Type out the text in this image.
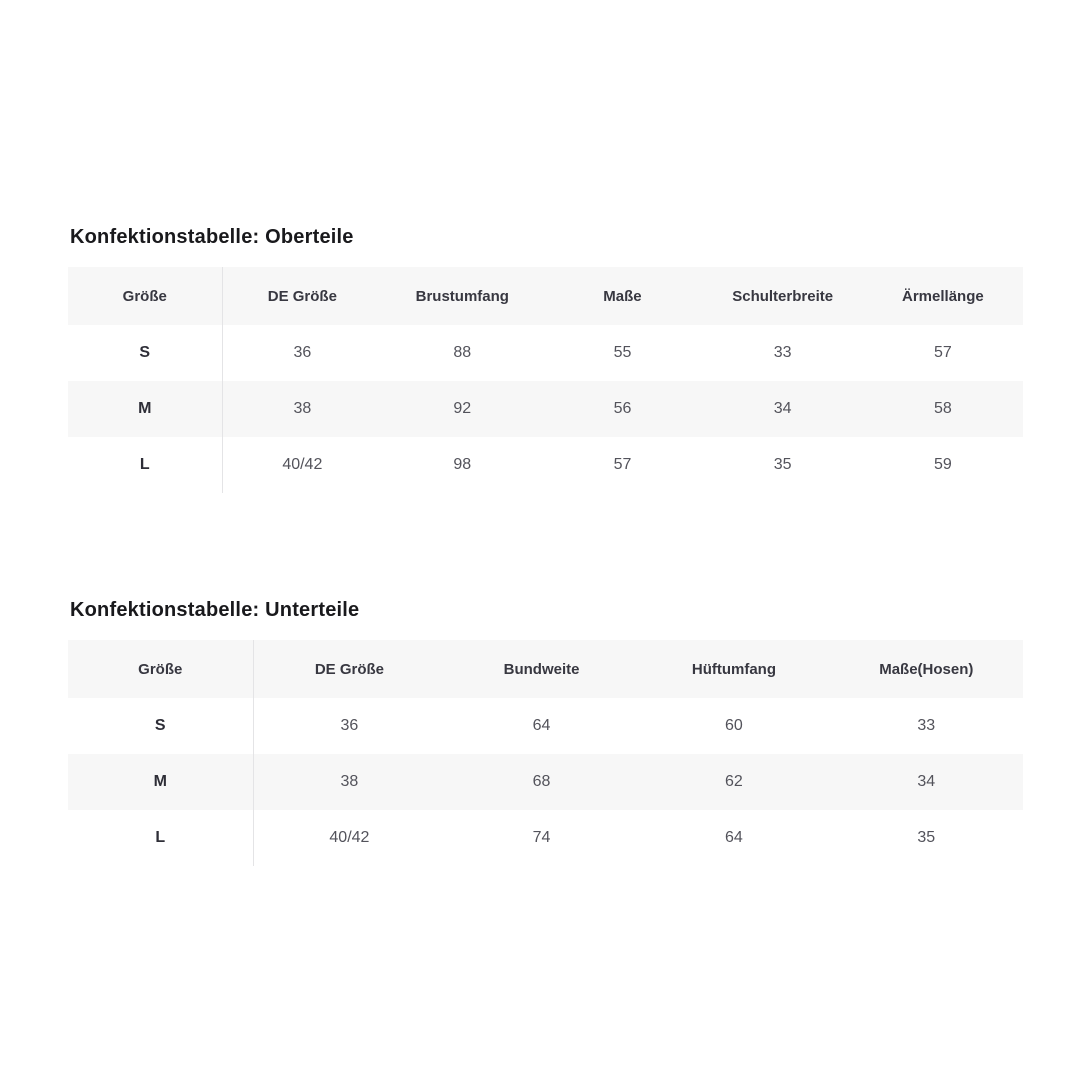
Konfektionstabelle: Oberteile
Größe	DE Größe	Brustumfang	Maße	Schulterbreite	Ärmellänge
S	36	88	55	33	57
M	38	92	56	34	58
L	40/42	98	57	35	59
Konfektionstabelle: Unterteile
Größe	DE Größe	Bundweite	Hüftumfang	Maße(Hosen)
S	36	64	60	33
M	38	68	62	34
L	40/42	74	64	35
